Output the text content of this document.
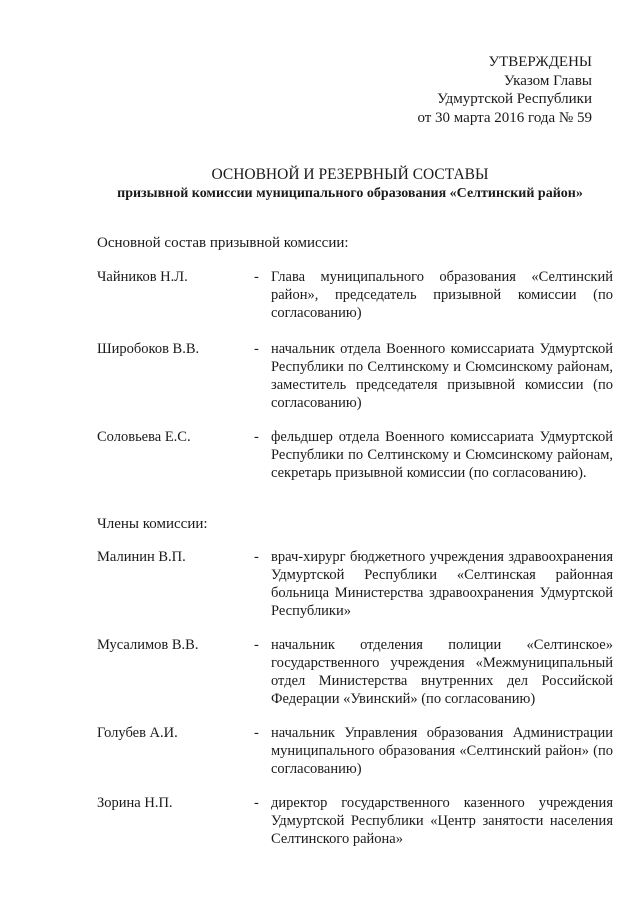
УТВЕРЖДЕНЫ
Указом Главы
Удмуртской Республики
от 30 марта 2016 года № 59
ОСНОВНОЙ И РЕЗЕРВНЫЙ СОСТАВЫ
призывной комиссии муниципального образования «Селтинский район»
Основной состав призывной комиссии:
Чайников Н.Л.	- Глава муниципального образования «Селтинский район», председатель призывной комиссии (по согласованию)
Широбоков В.В.	- начальник отдела Военного комиссариата Удмуртской Республики по Селтинскому и Сюмсинскому районам, заместитель председателя призывной комиссии (по согласованию)
Соловьева Е.С.	- фельдшер отдела Военного комиссариата Удмуртской Республики по Селтинскому и Сюмсинскому районам, секретарь призывной комиссии (по согласованию).
Члены комиссии:
Малинин В.П.	- врач-хирург бюджетного учреждения здравоохранения Удмуртской Республики «Селтинская районная больница Министерства здравоохранения Удмуртской Республики»
Мусалимов В.В.	- начальник отделения полиции «Селтинское» государственного учреждения «Межмуниципальный отдел Министерства внутренних дел Российской Федерации «Увинский» (по согласованию)
Голубев А.И.	- начальник Управления образования Администрации муниципального образования «Селтинский район» (по согласованию)
Зорина Н.П.	- директор государственного казенного учреждения Удмуртской Республики «Центр занятости населения Селтинского района»
